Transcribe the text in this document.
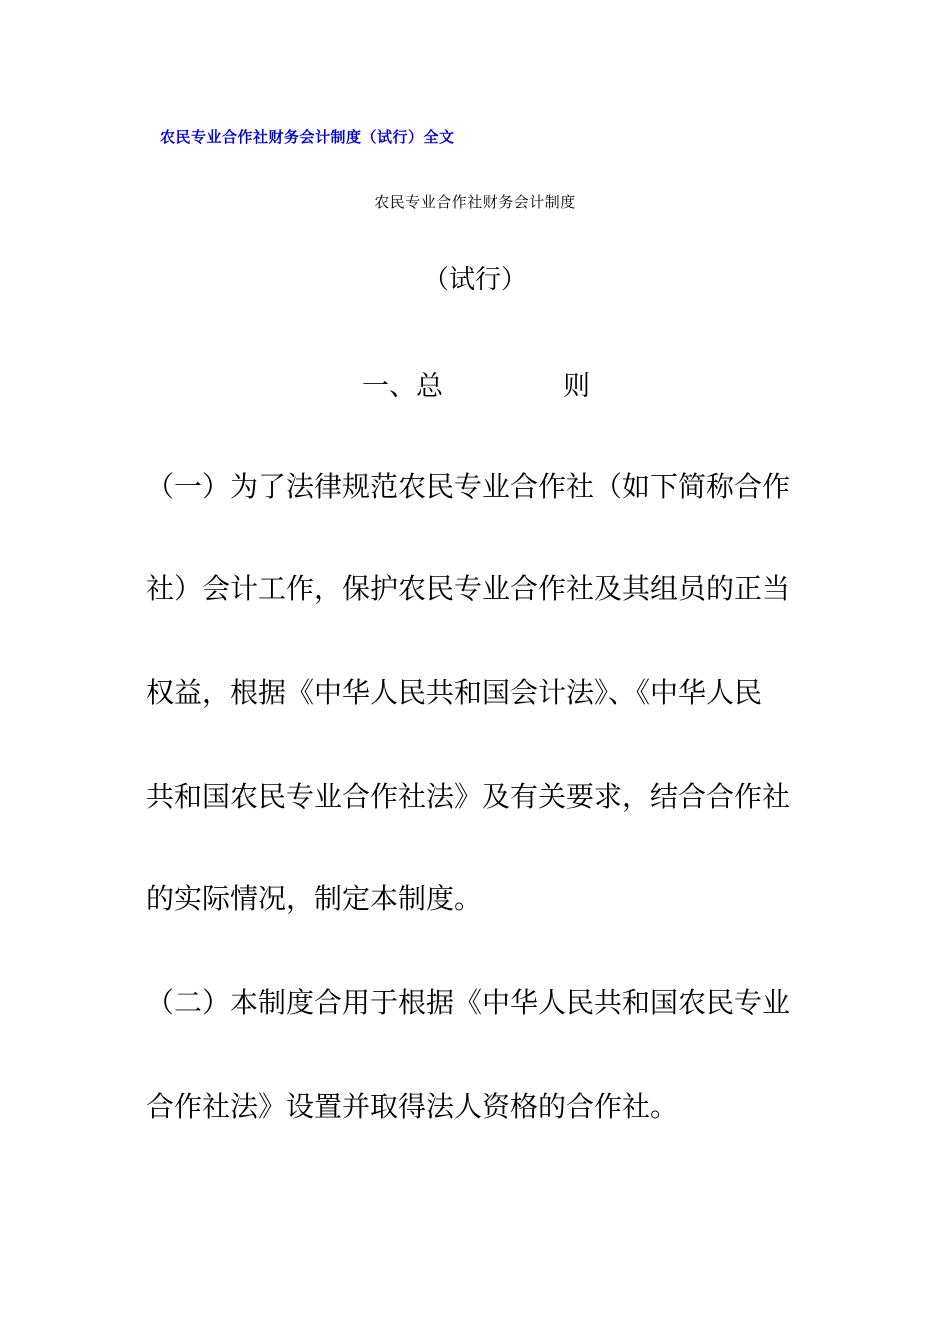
农民专业合作社财务会计制度（试行）全文
农民专业合作社财务会计制度
（试行）
一、总	则
（一）为了法律规范农民专业合作社（如下简称合作
社）会计工作，保护农民专业合作社及其组员的正当
权益，根据《中华人民共和国会计法》、《中华人民
共和国农民专业合作社法》及有关要求，结合合作社
的实际情况，制定本制度。
（二）本制度合用于根据《中华人民共和国农民专业
合作社法》设置并取得法人资格的合作社。
